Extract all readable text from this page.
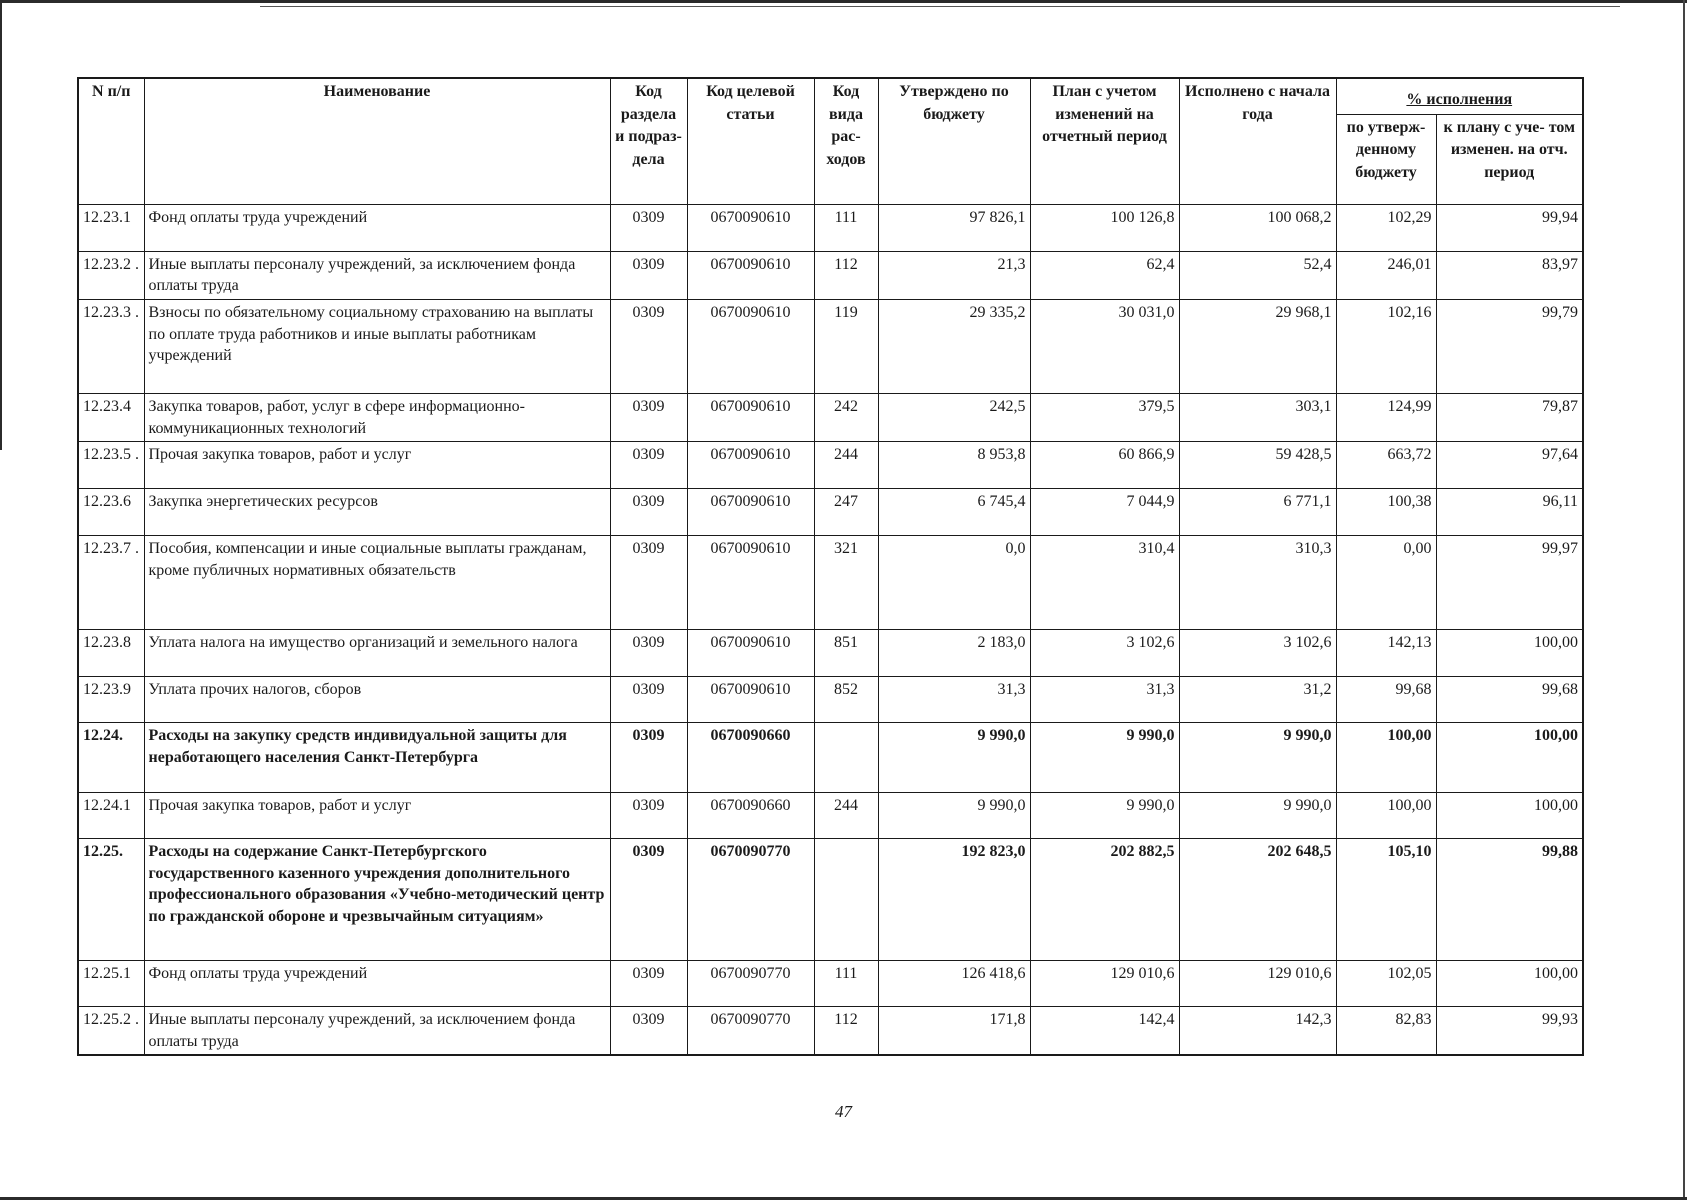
N п/п	Наименование	Код раздела и подраз- дела	Код целевой статьи	Код вида рас- ходов	Утверждено по бюджету	План с учетом изменений на отчетный период	Исполнено с начала года	% исполнения	
								по утверж- денному бюджету	к плану с уче- том изменен. на отч. период
12.23.1	Фонд оплаты труда учреждений	0309	0670090610	111	97 826,1	100 126,8	100 068,2	102,29	99,94
12.23.2 .	Иные выплаты персоналу учреждений, за исключением фонда оплаты труда	0309	0670090610	112	21,3	62,4	52,4	246,01	83,97
12.23.3 .	Взносы по обязательному социальному страхованию на выплаты по оплате труда работников и иные выплаты работникам учреждений	0309	0670090610	119	29 335,2	30 031,0	29 968,1	102,16	99,79
12.23.4	Закупка товаров, работ, услуг в сфере информационно-коммуникационных технологий	0309	0670090610	242	242,5	379,5	303,1	124,99	79,87
12.23.5 .	Прочая закупка товаров, работ и услуг	0309	0670090610	244	8 953,8	60 866,9	59 428,5	663,72	97,64
12.23.6	Закупка энергетических ресурсов	0309	0670090610	247	6 745,4	7 044,9	6 771,1	100,38	96,11
12.23.7 .	Пособия, компенсации и иные социальные выплаты гражданам, кроме публичных нормативных обязательств	0309	0670090610	321	0,0	310,4	310,3	0,00	99,97
12.23.8	Уплата налога на имущество организаций и земельного налога	0309	0670090610	851	2 183,0	3 102,6	3 102,6	142,13	100,00
12.23.9	Уплата прочих налогов, сборов	0309	0670090610	852	31,3	31,3	31,2	99,68	99,68
12.24.	Расходы на закупку средств индивидуальной защиты для неработающего населения Санкт-Петербурга	0309	0670090660		9 990,0	9 990,0	9 990,0	100,00	100,00
12.24.1	Прочая закупка товаров, работ и услуг	0309	0670090660	244	9 990,0	9 990,0	9 990,0	100,00	100,00
12.25.	Расходы на содержание Санкт-Петербургского государственного казенного учреждения дополнительного профессионального образования «Учебно-методический центр по гражданской обороне и чрезвычайным ситуациям»	0309	0670090770		192 823,0	202 882,5	202 648,5	105,10	99,88
12.25.1	Фонд оплаты труда учреждений	0309	0670090770	111	126 418,6	129 010,6	129 010,6	102,05	100,00
12.25.2 .	Иные выплаты персоналу учреждений, за исключением фонда оплаты труда	0309	0670090770	112	171,8	142,4	142,3	82,83	99,93
47
